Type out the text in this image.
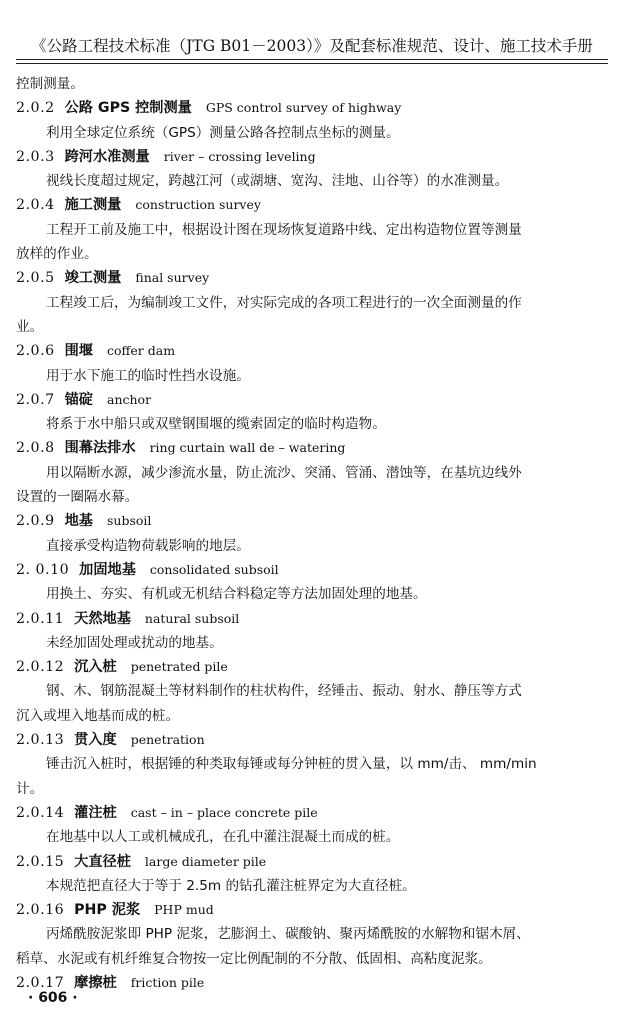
《公路工程技术标准（JTG B01－2003）》及配套标准规范、设计、施工技术手册
控制测量。
2.0.2 公路 GPS 控制测量 GPS control survey of highway
利用全球定位系统（GPS）测量公路各控制点坐标的测量。
2.0.3 跨河水准测量 river – crossing leveling
视线长度超过规定，跨越江河（或湖塘、宽沟、洼地、山谷等）的水准测量。
2.0.4 施工测量 construction survey
工程开工前及施工中，根据设计图在现场恢复道路中线、定出构造物位置等测量
放样的作业。
2.0.5 竣工测量 final survey
工程竣工后，为编制竣工文件，对实际完成的各项工程进行的一次全面测量的作
业。
2.0.6 围堰 coffer dam
用于水下施工的临时性挡水设施。
2.0.7 锚碇 anchor
将系于水中船只或双壁钢围堰的缆索固定的临时构造物。
2.0.8 围幕法排水 ring curtain wall de – watering
用以隔断水源，减少渗流水量，防止流沙、突涌、管涌、潜蚀等，在基坑边线外
设置的一圈隔水幕。
2.0.9 地基 subsoil
直接承受构造物荷载影响的地层。
2. 0.10 加固地基 consolidated subsoil
用换土、夯实、有机或无机结合料稳定等方法加固处理的地基。
2.0.11 天然地基 natural subsoil
未经加固处理或扰动的地基。
2.0.12 沉入桩 penetrated pile
钢、木、钢筋混凝土等材料制作的柱状构件，经锤击、振动、射水、静压等方式
沉入或埋入地基而成的桩。
2.0.13 贯入度 penetration
锤击沉入桩时，根据锤的种类取每锤或每分钟桩的贯入量，以 mm/击、 mm/min
计。
2.0.14 灌注桩 cast – in – place concrete pile
在地基中以人工或机械成孔，在孔中灌注混凝土而成的桩。
2.0.15 大直径桩 large diameter pile
本规范把直径大于等于 2.5m 的钻孔灌注桩界定为大直径桩。
2.0.16 PHP 泥浆 PHP mud
丙烯酰胺泥浆即 PHP 泥浆，艺膨润土、碳酸钠、聚丙烯酰胺的水解物和锯木屑、
稻草、水泥或有机纤维复合物按一定比例配制的不分散、低固相、高粘度泥浆。
2.0.17 摩擦桩 friction pile
· 606 ·
